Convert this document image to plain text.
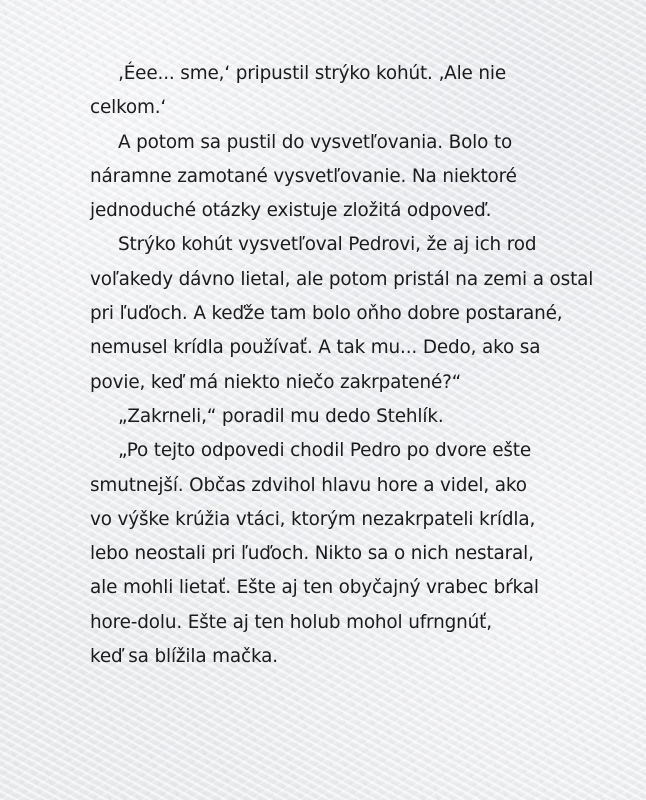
‚Éee... sme,‘ pripustil strýko kohút. ‚Ale nie
celkom.‘

A potom sa pustil do vysvetľovania. Bolo to
náramne zamotané vysvetľovanie. Na niektoré
jednoduché otázky existuje zložitá odpoveď.

Strýko kohút vysvetľoval Pedrovi, že aj ich rod
voľakedy dávno lietal, ale potom pristál na zemi a ostal
pri ľuďoch. A keďže tam bolo oňho dobre postarané,
nemusel krídla používať. A tak mu... Dedo, ako sa
povie, keď má niekto niečo zakrpatené?“

„Zakrneli,“ poradil mu dedo Stehlík.

„Po tejto odpovedi chodil Pedro po dvore ešte
smutnejší. Občas zdvihol hlavu hore a videl, ako
vo výške krúžia vtáci, ktorým nezakrpateli krídla,
lebo neostali pri ľuďoch. Nikto sa o nich nestaral,
ale mohli lietať. Ešte aj ten obyčajný vrabec bŕkal
hore-dolu. Ešte aj ten holub mohol ufrngnúť,
keď sa blížila mačka.
